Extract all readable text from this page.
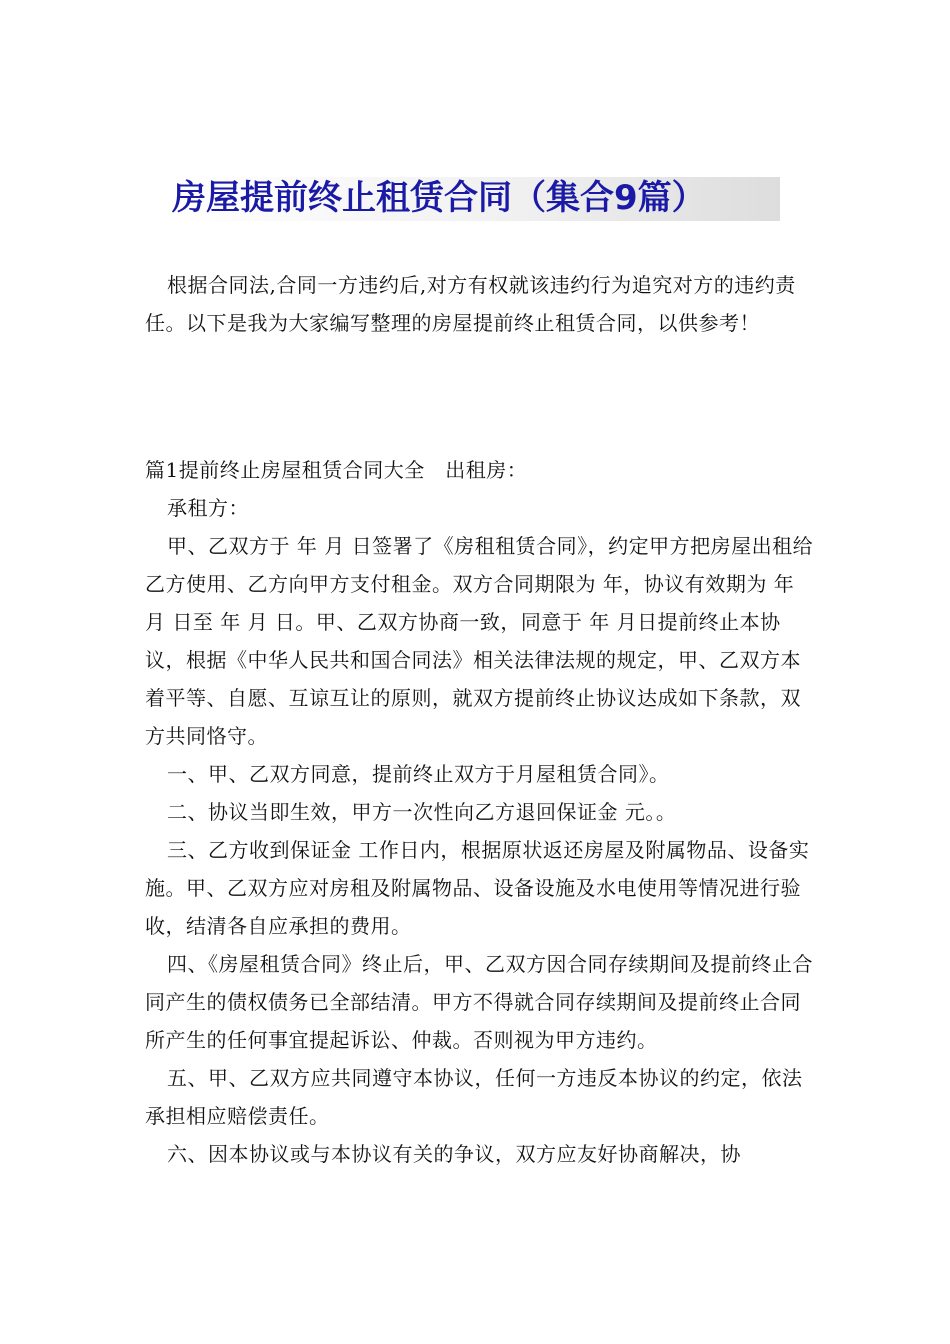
房屋提前终止租赁合同（集合9篇）

根据合同法,合同一方违约后,对方有权就该违约行为追究对方的违约责任。以下是我为大家编写整理的房屋提前终止租赁合同，以供参考！

篇1提前终止房屋租赁合同大全　出租房：

承租方：

甲、乙双方于 年 月 日签署了《房租租赁合同》，约定甲方把房屋出租给乙方使用、乙方向甲方支付租金。双方合同期限为 年，协议有效期为 年 月 日至 年 月 日。甲、乙双方协商一致，同意于 年 月日提前终止本协议，根据《中华人民共和国合同法》相关法律法规的规定，甲、乙双方本着平等、自愿、互谅互让的原则，就双方提前终止协议达成如下条款，双方共同恪守。

一、甲、乙双方同意，提前终止双方于月屋租赁合同》。

二、协议当即生效，甲方一次性向乙方退回保证金 元。。

三、乙方收到保证金 工作日内，根据原状返还房屋及附属物品、设备实施。甲、乙双方应对房租及附属物品、设备设施及水电使用等情况进行验收，结清各自应承担的费用。

四、《房屋租赁合同》终止后，甲、乙双方因合同存续期间及提前终止合同产生的债权债务已全部结清。甲方不得就合同存续期间及提前终止合同所产生的任何事宜提起诉讼、仲裁。否则视为甲方违约。

五、甲、乙双方应共同遵守本协议，任何一方违反本协议的约定，依法承担相应赔偿责任。

六、因本协议或与本协议有关的争议，双方应友好协商解决，协
